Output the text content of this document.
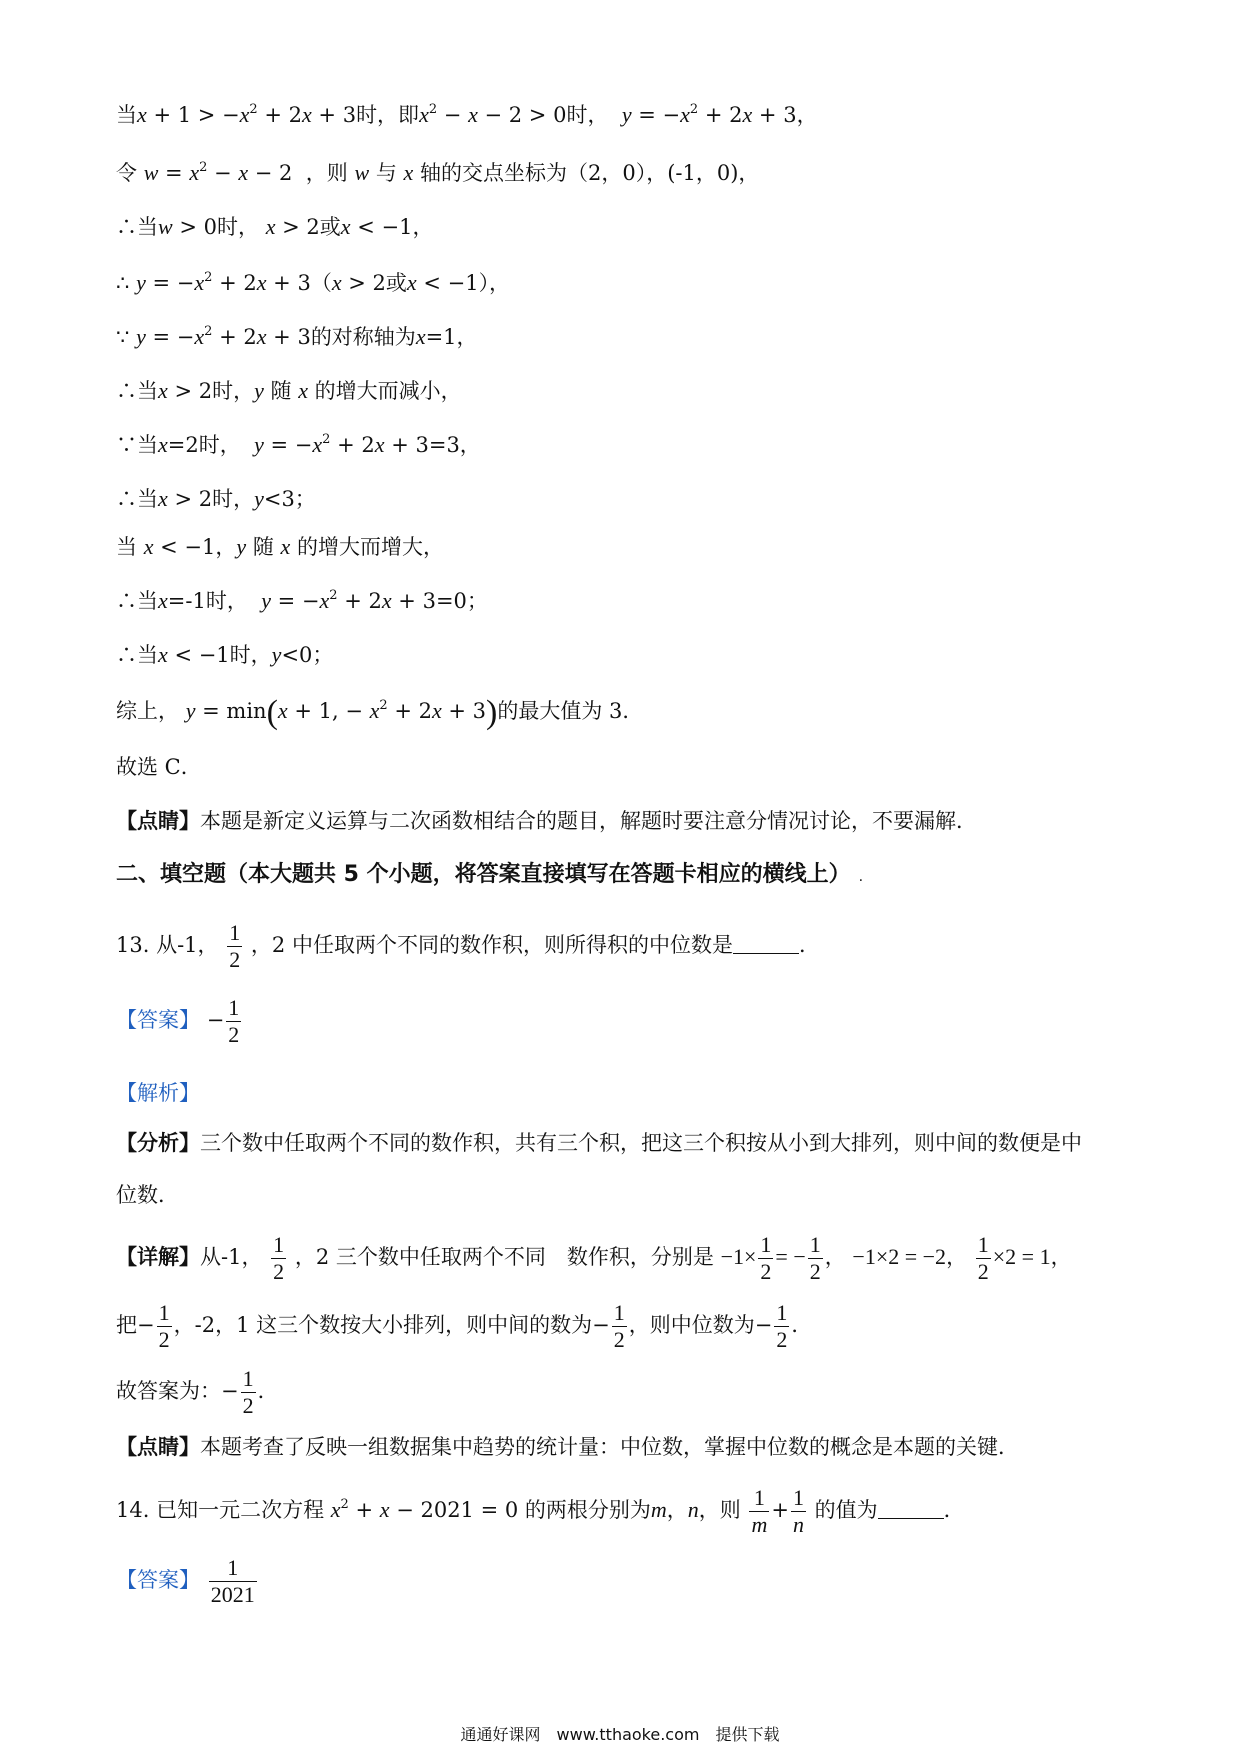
当$x + 1 > -x^2 + 2x + 3$时，即$x^2 - x - 2 > 0$时， $y = -x^2 + 2x + 3$，
令 $w = x^2 - x - 2$  ，则 w 与 x 轴的交点坐标为（2，0），(-1，0)，
∴当w > 0时， x > 2或x < −1，
∴ $y = -x^2 + 2x + 3(x > 2$或x < −1），
∵ $y = -x^2 + 2x + 3$的对称轴为x=1，
∴当x > 2时，y 随 x 的增大而减小，
∵当x=2时， $y = -x^2 + 2x + 3=3$，
∴当x > 2时，y<3；
当 x < −1，y 随 x 的增大而增大，
∴当x=-1时， $y = -x^2 + 2x + 3=0$；
∴当x < −1时，y<0；
综上， y = min(x + 1, − $x^2 + 2x + 3$)的最大值为 3．
故选 C．
【点睛】本题是新定义运算与二次函数相结合的题目，解题时要注意分情况讨论，不要漏解．
二、填空题（本大题共 5 个小题，将答案直接填写在答题卡相应的横线上） .
13. 从-1， $\frac{1}{2}$ ，2 中任取两个不同的数作积，则所得积的中位数是	．
【答案】 − $\frac{1}{2}$
【解析】
【分析】三个数中任取两个不同的数作积，共有三个积，把这三个积按从小到大排列，则中间的数便是中
位数．
【详解】从-1， $\frac{1}{2}$ ，2 三个数中任取两个不同　数作积，分别是 $-1\times \frac{1}{2}$ = − $\frac{1}{2}$ ， −1×2 = −2， $\frac{1}{2} \times 2 = 1$，
把− $\frac{1}{2}$ ，-2，1 这三个数按大小排列，则中间的数为− $\frac{1}{2}$ ，则中位数为− $\frac{1}{2}$ ．
故答案为：− $\frac{1}{2}$ ．
【点睛】本题考查了反映一组数据集中趋势的统计量：中位数，掌握中位数的概念是本题的关键．
14. 已知一元二次方程 $x^2 + x - 2021 = 0$ 的两根分别为m，n，则 $\frac{1}{m} + \frac{1}{n}$ 的值为	．
【答案】 $\frac{1}{2021}$
通通好课网　www.tthaoke.com　提供下载
